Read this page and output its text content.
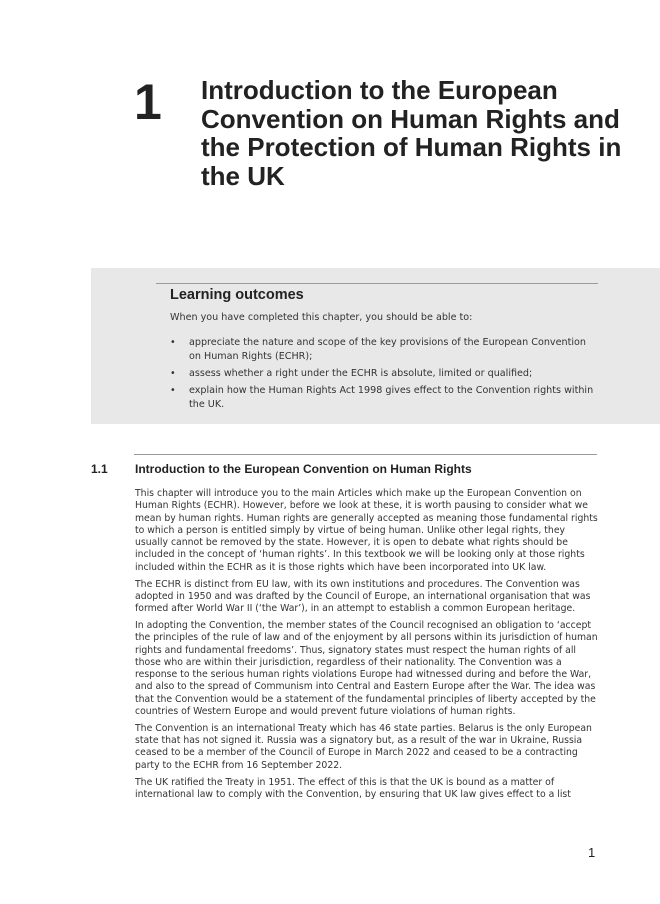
1 Introduction to the European Convention on Human Rights and the Protection of Human Rights in the UK
Learning outcomes
When you have completed this chapter, you should be able to:
• appreciate the nature and scope of the key provisions of the European Convention on Human Rights (ECHR);
• assess whether a right under the ECHR is absolute, limited or qualified;
• explain how the Human Rights Act 1998 gives effect to the Convention rights within the UK.
1.1 Introduction to the European Convention on Human Rights

This chapter will introduce you to the main Articles which make up the European Convention on Human Rights (ECHR). However, before we look at these, it is worth pausing to consider what we mean by human rights. Human rights are generally accepted as meaning those fundamental rights to which a person is entitled simply by virtue of being human. Unlike other legal rights, they usually cannot be removed by the state. However, it is open to debate what rights should be included in the concept of ‘human rights’. In this textbook we will be looking only at those rights included within the ECHR as it is those rights which have been incorporated into UK law.

The ECHR is distinct from EU law, with its own institutions and procedures. The Convention was adopted in 1950 and was drafted by the Council of Europe, an international organisation that was formed after World War II (‘the War’), in an attempt to establish a common European heritage.

In adopting the Convention, the member states of the Council recognised an obligation to ‘accept the principles of the rule of law and of the enjoyment by all persons within its jurisdiction of human rights and fundamental freedoms’. Thus, signatory states must respect the human rights of all those who are within their jurisdiction, regardless of their nationality. The Convention was a response to the serious human rights violations Europe had witnessed during and before the War, and also to the spread of Communism into Central and Eastern Europe after the War. The idea was that the Convention would be a statement of the fundamental principles of liberty accepted by the countries of Western Europe and would prevent future violations of human rights.

The Convention is an international Treaty which has 46 state parties. Belarus is the only European state that has not signed it. Russia was a signatory but, as a result of the war in Ukraine, Russia ceased to be a member of the Council of Europe in March 2022 and ceased to be a contracting party to the ECHR from 16 September 2022.

The UK ratified the Treaty in 1951. The effect of this is that the UK is bound as a matter of international law to comply with the Convention, by ensuring that UK law gives effect to a list

1
